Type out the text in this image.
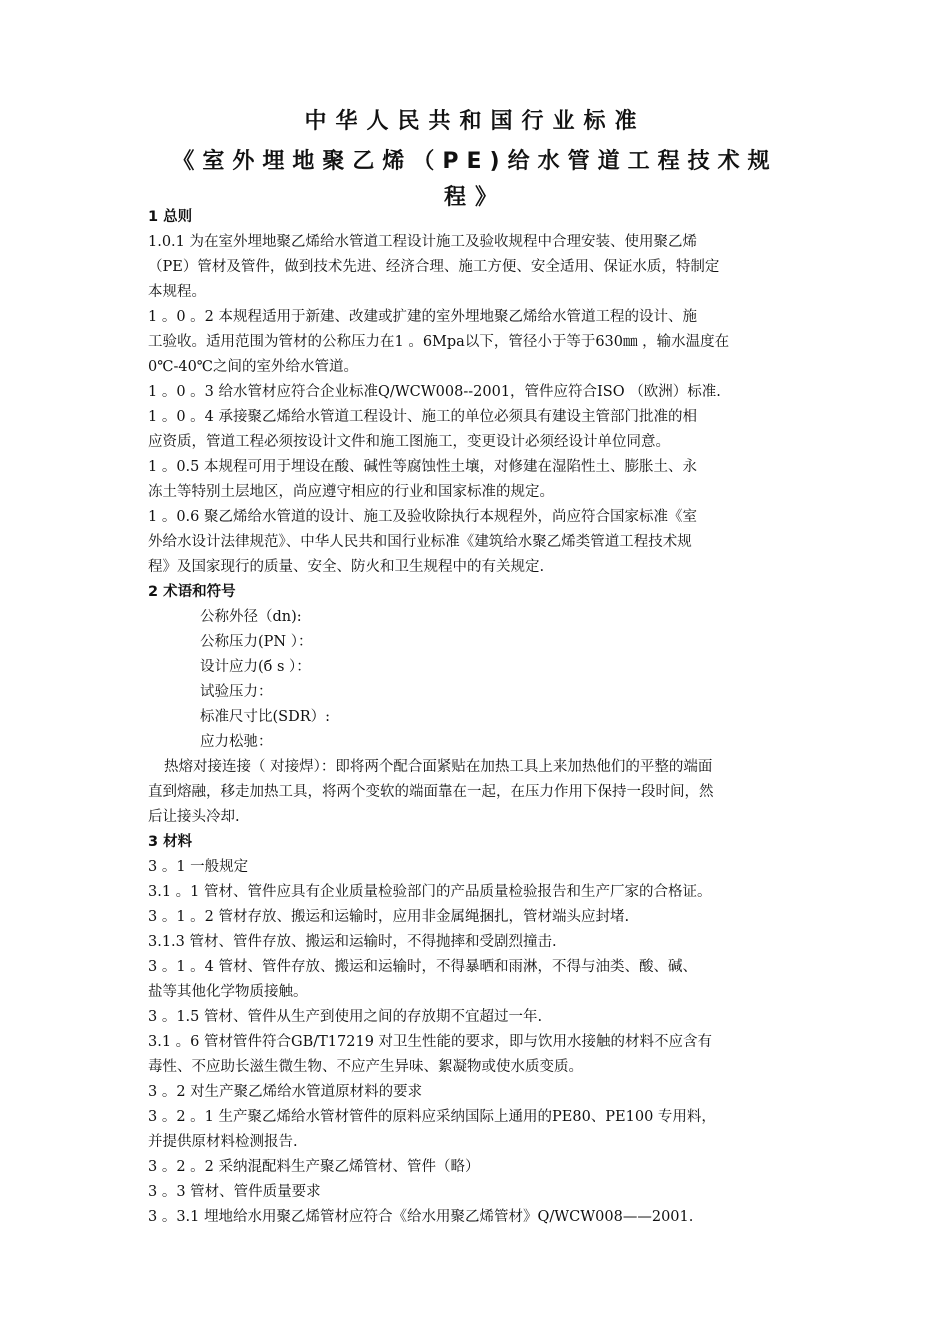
中华人民共和国行业标准
《室外埋地聚乙烯（PE)给水管道工程技术规
程》
1 总则
1.0.1 为在室外埋地聚乙烯给水管道工程设计施工及验收规程中合理安装、使用聚乙烯
（PE）管材及管件，做到技术先进、经济合理、施工方便、安全适用、保证水质，特制定
本规程。
1 。0 。2 本规程适用于新建、改建或扩建的室外埋地聚乙烯给水管道工程的设计、施
工验收。适用范围为管材的公称压力在1 。6Mpa以下，管径小于等于630㎜ ，输水温度在
0℃-40℃之间的室外给水管道。
1 。0 。3 给水管材应符合企业标准Q/WCW008--2001，管件应符合ISO （欧洲）标准.
1 。0 。4 承接聚乙烯给水管道工程设计、施工的单位必须具有建设主管部门批准的相
应资质，管道工程必须按设计文件和施工图施工，变更设计必须经设计单位同意。
1 。0.5 本规程可用于埋设在酸、碱性等腐蚀性土壤，对修建在湿陷性土、膨胀土、永
冻土等特别土层地区，尚应遵守相应的行业和国家标准的规定。
1 。0.6 聚乙烯给水管道的设计、施工及验收除执行本规程外，尚应符合国家标准《室
外给水设计法律规范》、中华人民共和国行业标准《建筑给水聚乙烯类管道工程技术规
程》及国家现行的质量、安全、防火和卫生规程中的有关规定.
2 术语和符号
公称外径（dn):
公称压力(PN ）：
设计应力(б s ）：
试验压力：
标准尺寸比(SDR）:
应力松驰：
热熔对接连接（ 对接焊）：即将两个配合面紧贴在加热工具上来加热他们的平整的端面
直到熔融，移走加热工具，将两个变软的端面靠在一起，在压力作用下保持一段时间，然
后让接头冷却.
3 材料
3 。1 一般规定
3.1 。1 管材、管件应具有企业质量检验部门的产品质量检验报告和生产厂家的合格证。
3 。1 。2 管材存放、搬运和运输时，应用非金属绳捆扎，管材端头应封堵.
3.1.3 管材、管件存放、搬运和运输时，不得抛摔和受剧烈撞击.
3 。1 。4 管材、管件存放、搬运和运输时，不得暴晒和雨淋，不得与油类、酸、碱、
盐等其他化学物质接触。
3 。1.5 管材、管件从生产到使用之间的存放期不宜超过一年.
3.1 。6 管材管件符合GB/T17219 对卫生性能的要求，即与饮用水接触的材料不应含有
毒性、不应助长滋生微生物、不应产生异味、絮凝物或使水质变质。
3 。2 对生产聚乙烯给水管道原材料的要求
3 。2 。1 生产聚乙烯给水管材管件的原料应采纳国际上通用的PE80、PE100 专用料，
并提供原材料检测报告.
3 。2 。2 采纳混配料生产聚乙烯管材、管件（略）
3 。3 管材、管件质量要求
3 。3.1 埋地给水用聚乙烯管材应符合《给水用聚乙烯管材》Q/WCW008——2001.
